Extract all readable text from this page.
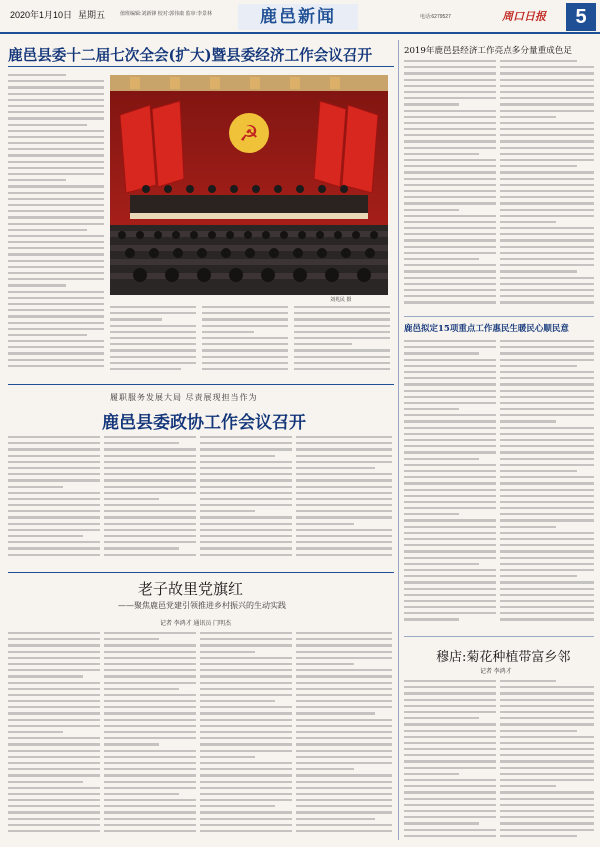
2020年1月10日 星期五	值班编辑:刘新锋 校对:郭伟康 监审:李景林	鹿邑新闻	电话:6279527	周口日报	5
鹿邑县委十二届七次全会(扩大)暨县委经济工作会议召开
☭
刘兆民 摄
履职服务发展大局 尽责展现担当作为
鹿邑县委政协工作会议召开
老子故里党旗红
——聚焦鹿邑党建引领推进乡村振兴的生动实践
记者 李鸿才 通讯员 门明杰
2019年鹿邑县经济工作亮点多分量重成色足
鹿邑拟定15项重点工作惠民生暖民心顺民意
穆店:菊花种植带富乡邻
记者 李鸿才
